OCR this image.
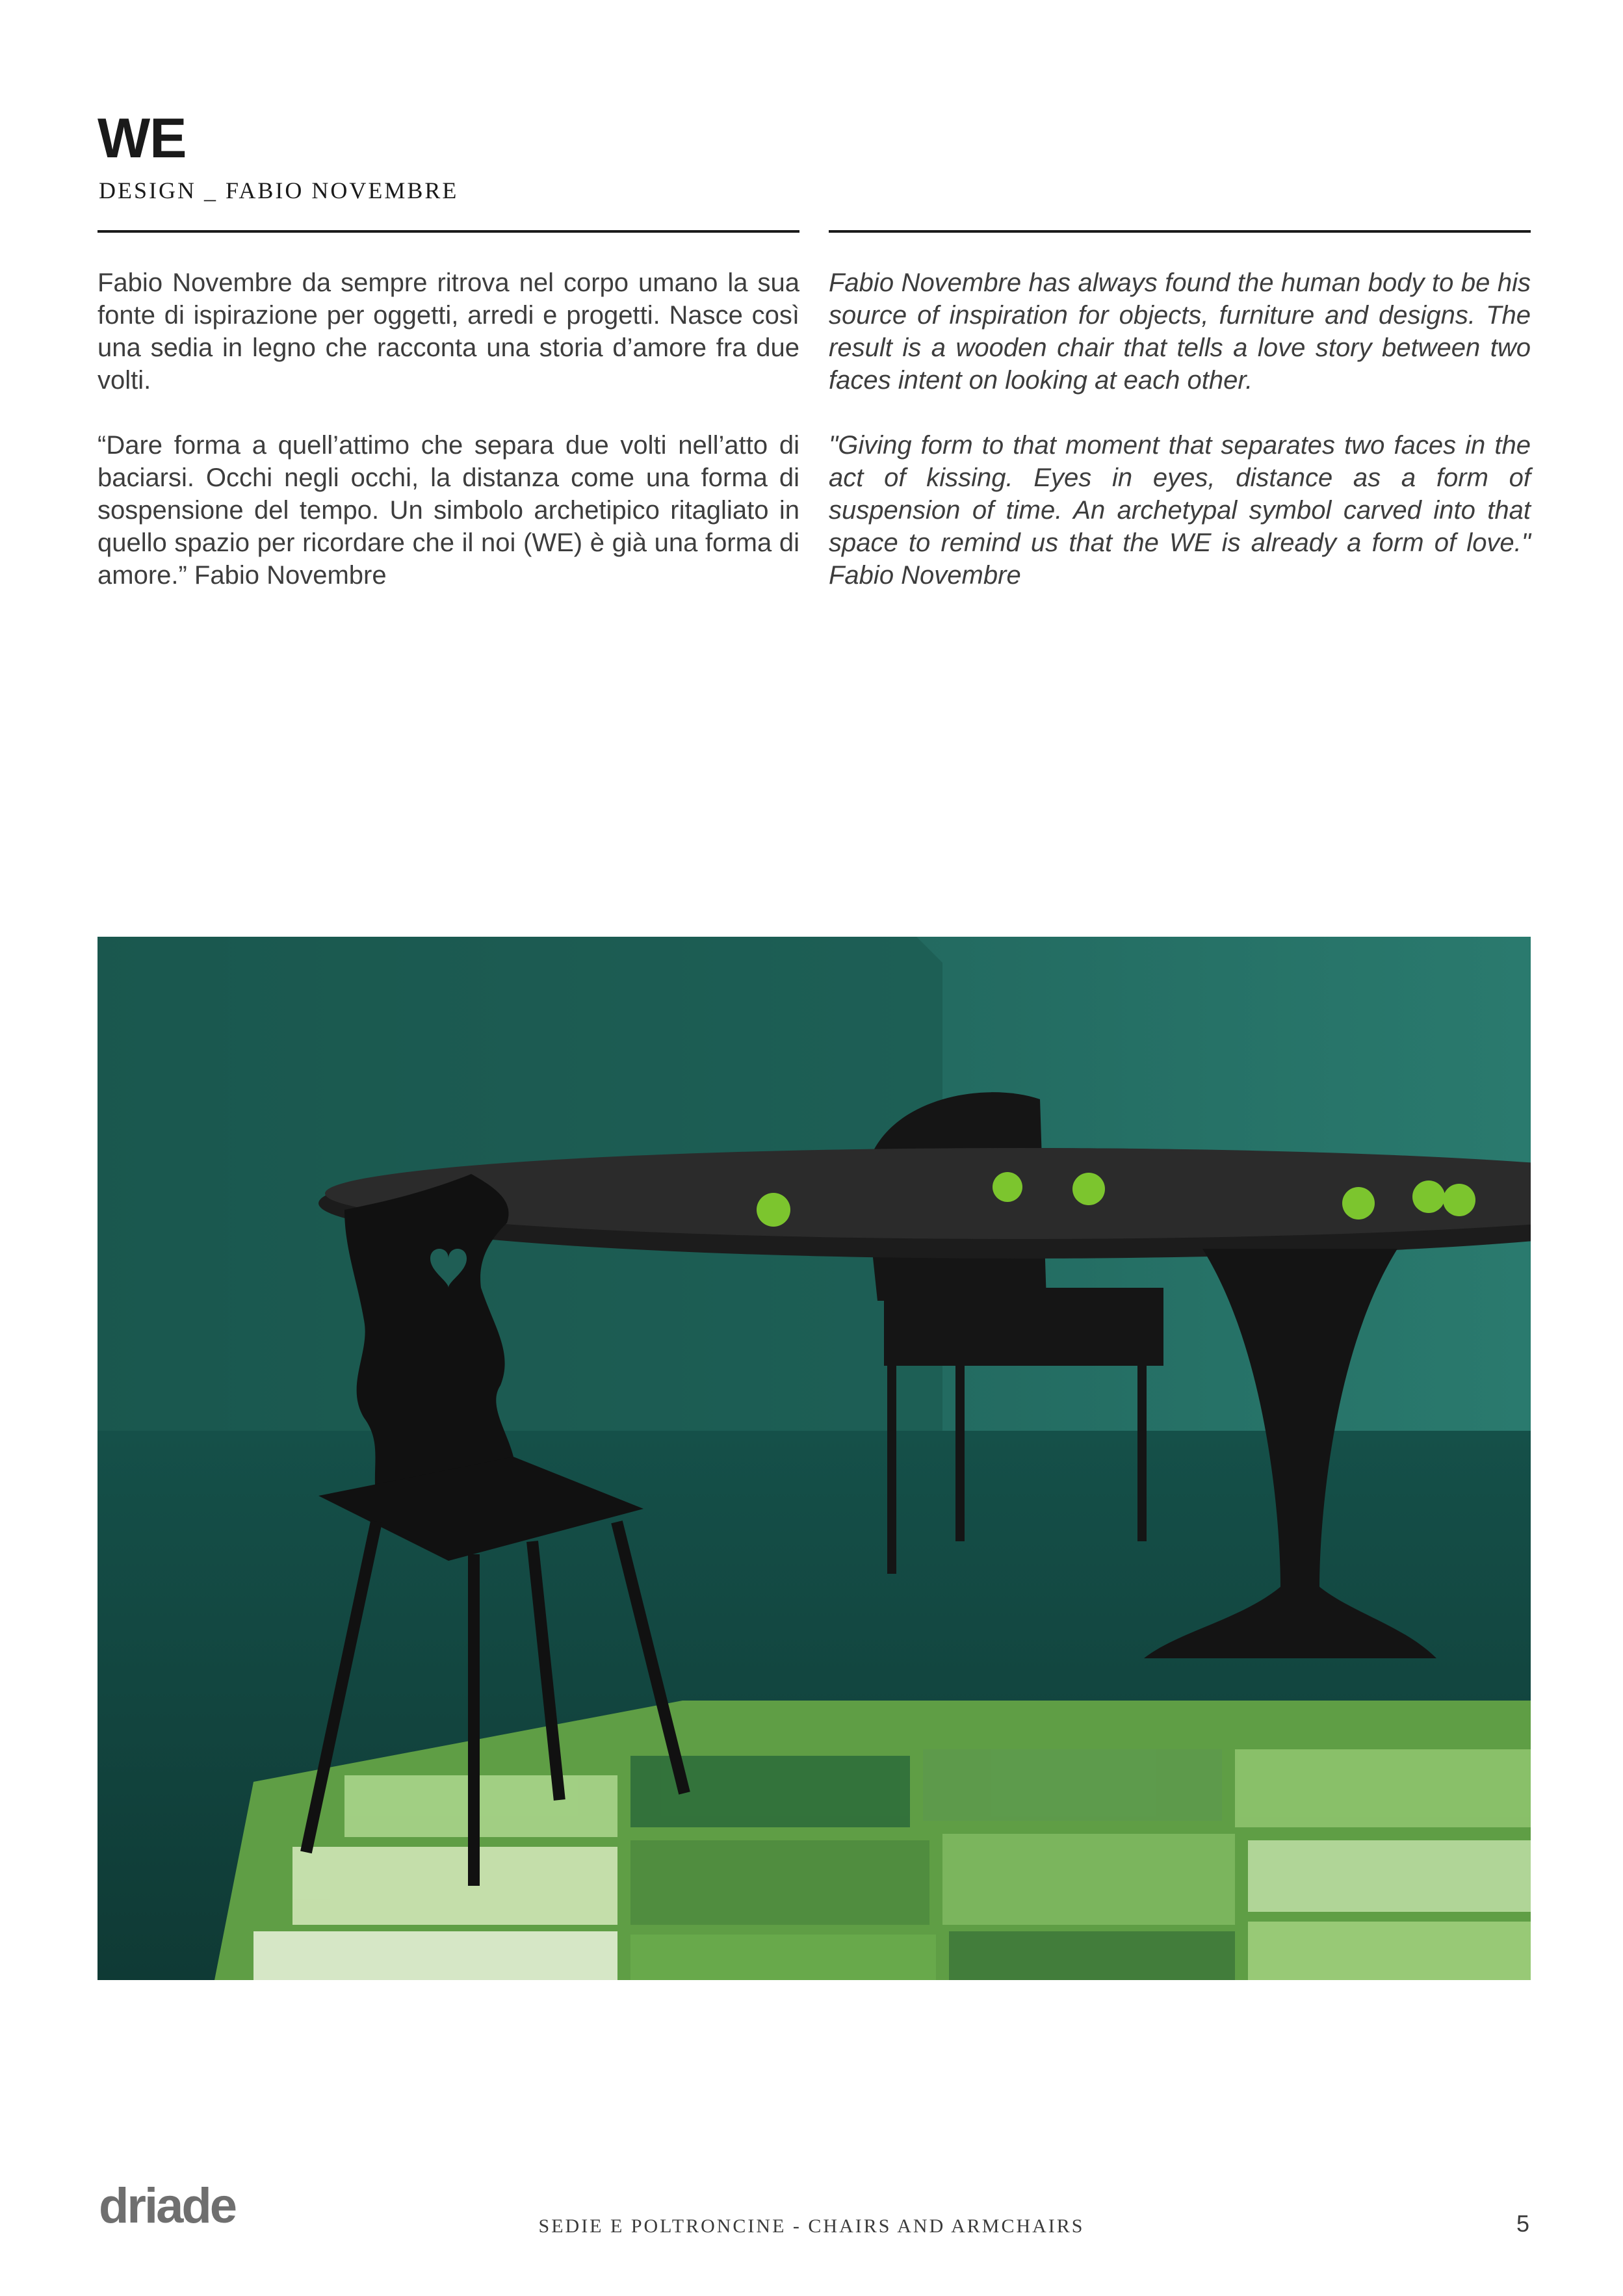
WE
DESIGN _ FABIO NOVEMBRE

Fabio Novembre da sempre ritrova nel corpo umano la sua fonte di ispirazione per oggetti, arredi e progetti. Nasce così una sedia in legno che racconta una storia d’amore fra due volti.

“Dare forma a quell’attimo che separa due volti nell’atto di baciarsi. Occhi negli occhi, la distanza come una forma di sospensione del tempo. Un simbolo archetipico ritagliato in quello spazio per ricordare che il noi (WE) è già una forma di amore.” Fabio Novembre

Fabio Novembre has always found the human body to be his source of inspiration for objects, furniture and designs. The result is a wooden chair that tells a love story between two faces intent on looking at each other.

"Giving form to that moment that separates two faces in the act of kissing. Eyes in eyes, distance as a form of suspension of time. An archetypal symbol carved into that space to remind us that the WE is already a form of love." Fabio Novembre

driade	SEDIE E POLTRONCINE - CHAIRS AND ARMCHAIRS	5
